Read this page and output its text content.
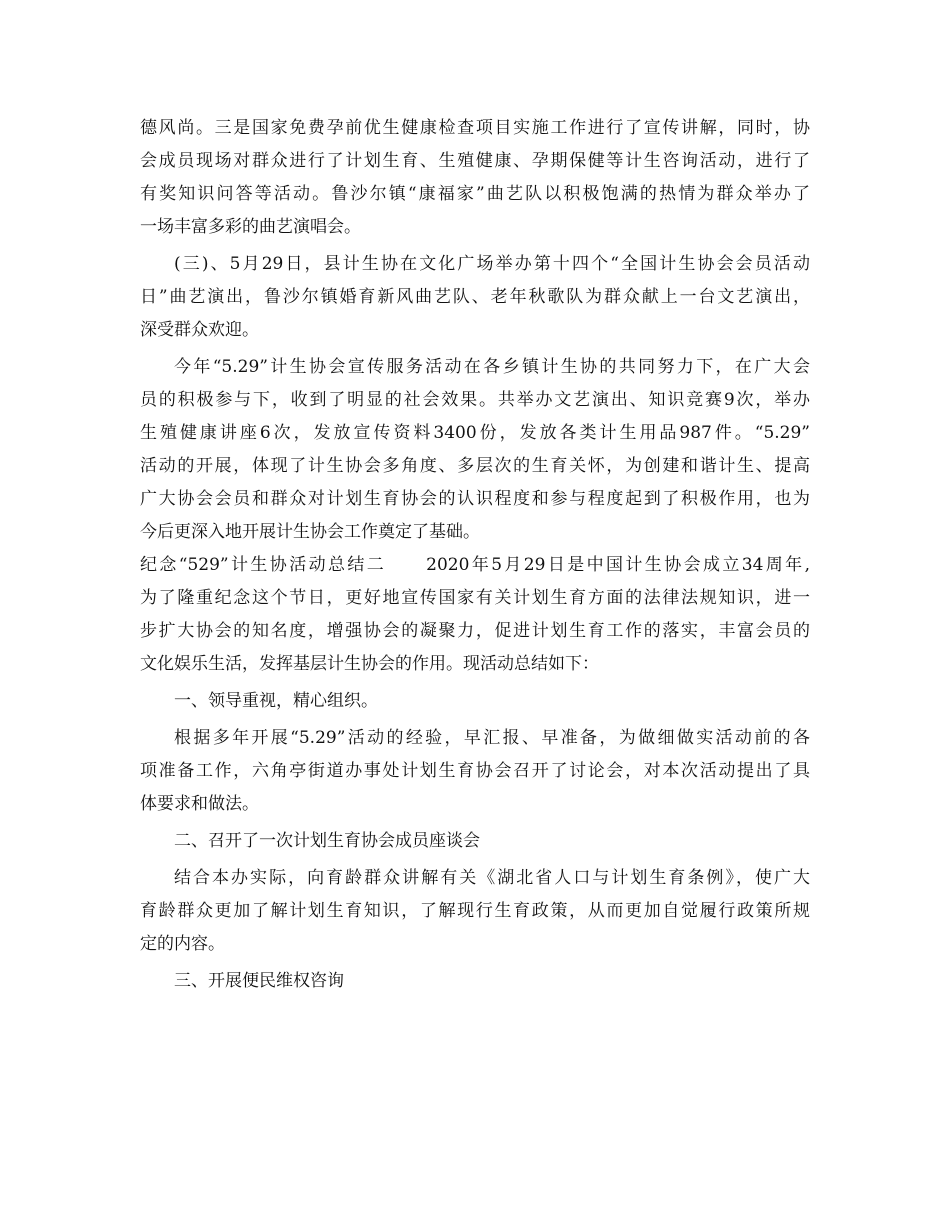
德风尚。三是国家免费孕前优生健康检查项目实施工作进行了宣传讲解，同时，协
会成员现场对群众进行了计划生育、生殖健康、孕期保健等计生咨询活动，进行了
有奖知识问答等活动。鲁沙尔镇“康福家”曲艺队以积极饱满的热情为群众举办了
一场丰富多彩的曲艺演唱会。
(三)、5月29日，县计生协在文化广场举办第十四个“全国计生协会会员活动
日”曲艺演出，鲁沙尔镇婚育新风曲艺队、老年秋歌队为群众献上一台文艺演出，
深受群众欢迎。
今年“5.29”计生协会宣传服务活动在各乡镇计生协的共同努力下，在广大会
员的积极参与下，收到了明显的社会效果。共举办文艺演出、知识竞赛9次，举办
生殖健康讲座6次，发放宣传资料3400份，发放各类计生用品987件。“5.29”
活动的开展，体现了计生协会多角度、多层次的生育关怀，为创建和谐计生、提高
广大协会会员和群众对计划生育协会的认识程度和参与程度起到了积极作用，也为
今后更深入地开展计生协会工作奠定了基础。
纪念“529”计生协活动总结二 2020年5月29日是中国计生协会成立34周年,
为了隆重纪念这个节日，更好地宣传国家有关计划生育方面的法律法规知识，进一
步扩大协会的知名度，增强协会的凝聚力，促进计划生育工作的落实，丰富会员的
文化娱乐生活，发挥基层计生协会的作用。现活动总结如下：
一、领导重视，精心组织。
根据多年开展“5.29”活动的经验，早汇报、早准备，为做细做实活动前的各
项准备工作，六角亭街道办事处计划生育协会召开了讨论会，对本次活动提出了具
体要求和做法。
二、召开了一次计划生育协会成员座谈会
结合本办实际，向育龄群众讲解有关《湖北省人口与计划生育条例》，使广大
育龄群众更加了解计划生育知识，了解现行生育政策，从而更加自觉履行政策所规
定的内容。
三、开展便民维权咨询
